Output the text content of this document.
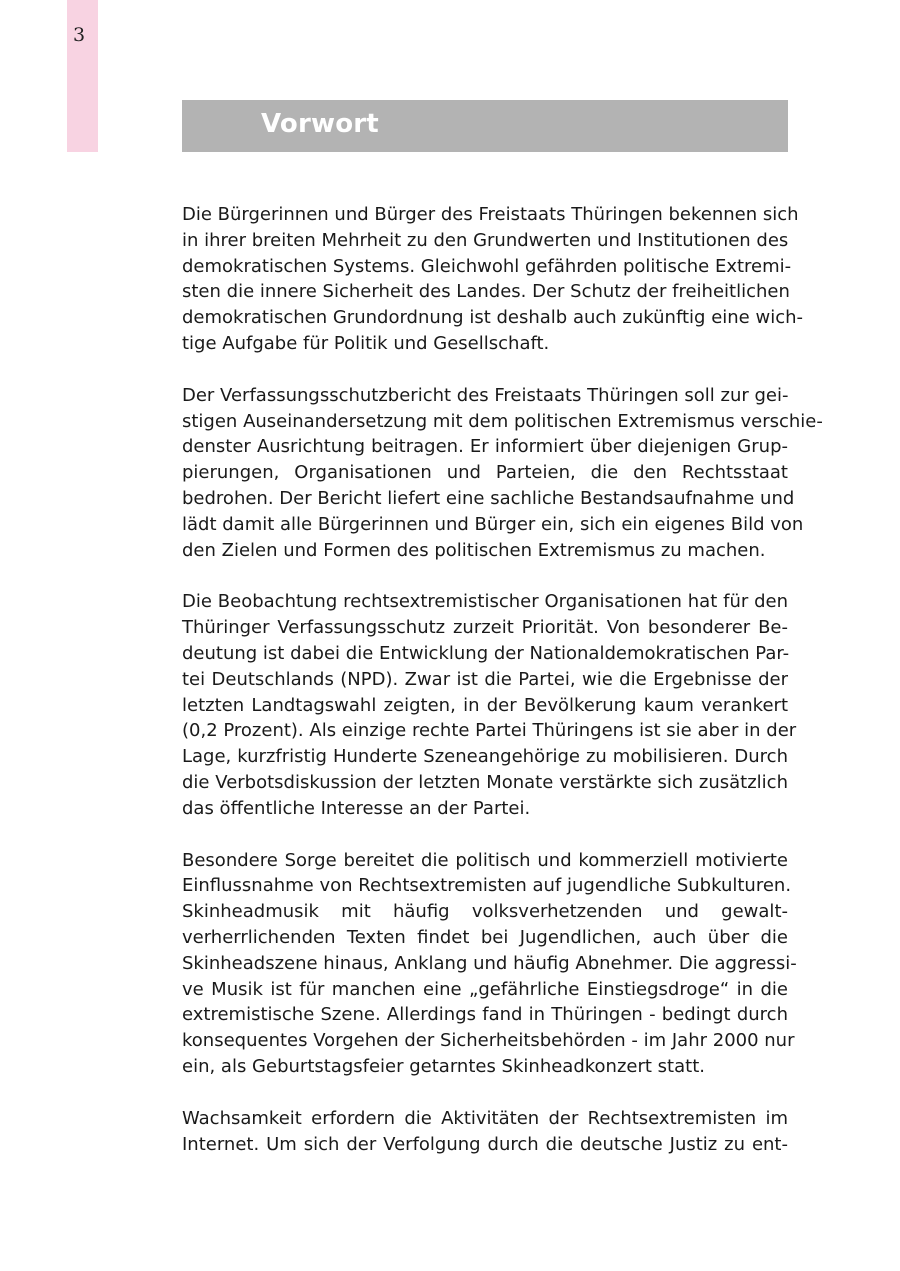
3
Vorwort
Die Bürgerinnen und Bürger des Freistaats Thüringen bekennen sich
in ihrer breiten Mehrheit zu den Grundwerten und Institutionen des
demokratischen Systems. Gleichwohl gefährden politische Extremi-
sten die innere Sicherheit des Landes. Der Schutz der freiheitlichen
demokratischen Grundordnung ist deshalb auch zukünftig eine wich-
tige Aufgabe für Politik und Gesellschaft.
Der Verfassungsschutzbericht des Freistaats Thüringen soll zur gei-
stigen Auseinandersetzung mit dem politischen Extremismus verschie-
denster Ausrichtung beitragen. Er informiert über diejenigen Grup-
pierungen, Organisationen und Parteien, die den Rechtsstaat
bedrohen. Der Bericht liefert eine sachliche Bestandsaufnahme und
lädt damit alle Bürgerinnen und Bürger ein, sich ein eigenes Bild von
den Zielen und Formen des politischen Extremismus zu machen.
Die Beobachtung rechtsextremistischer Organisationen hat für den
Thüringer Verfassungsschutz zurzeit Priorität. Von besonderer Be-
deutung ist dabei die Entwicklung der Nationaldemokratischen Par-
tei Deutschlands (NPD). Zwar ist die Partei, wie die Ergebnisse der
letzten Landtagswahl zeigten, in der Bevölkerung kaum verankert
(0,2 Prozent). Als einzige rechte Partei Thüringens ist sie aber in der
Lage, kurzfristig Hunderte Szeneangehörige zu mobilisieren. Durch
die Verbotsdiskussion der letzten Monate verstärkte sich zusätzlich
das öffentliche Interesse an der Partei.
Besondere Sorge bereitet die politisch und kommerziell motivierte
Einflussnahme von Rechtsextremisten auf jugendliche Subkulturen.
Skinheadmusik mit häufig volksverhetzenden und gewalt-
verherrlichenden Texten findet bei Jugendlichen, auch über die
Skinheadszene hinaus, Anklang und häufig Abnehmer. Die aggressi-
ve Musik ist für manchen eine „gefährliche Einstiegsdroge“ in die
extremistische Szene. Allerdings fand in Thüringen - bedingt durch
konsequentes Vorgehen der Sicherheitsbehörden - im Jahr 2000 nur
ein, als Geburtstagsfeier getarntes Skinheadkonzert statt.
Wachsamkeit erfordern die Aktivitäten der Rechtsextremisten im
Internet. Um sich der Verfolgung durch die deutsche Justiz zu ent-
